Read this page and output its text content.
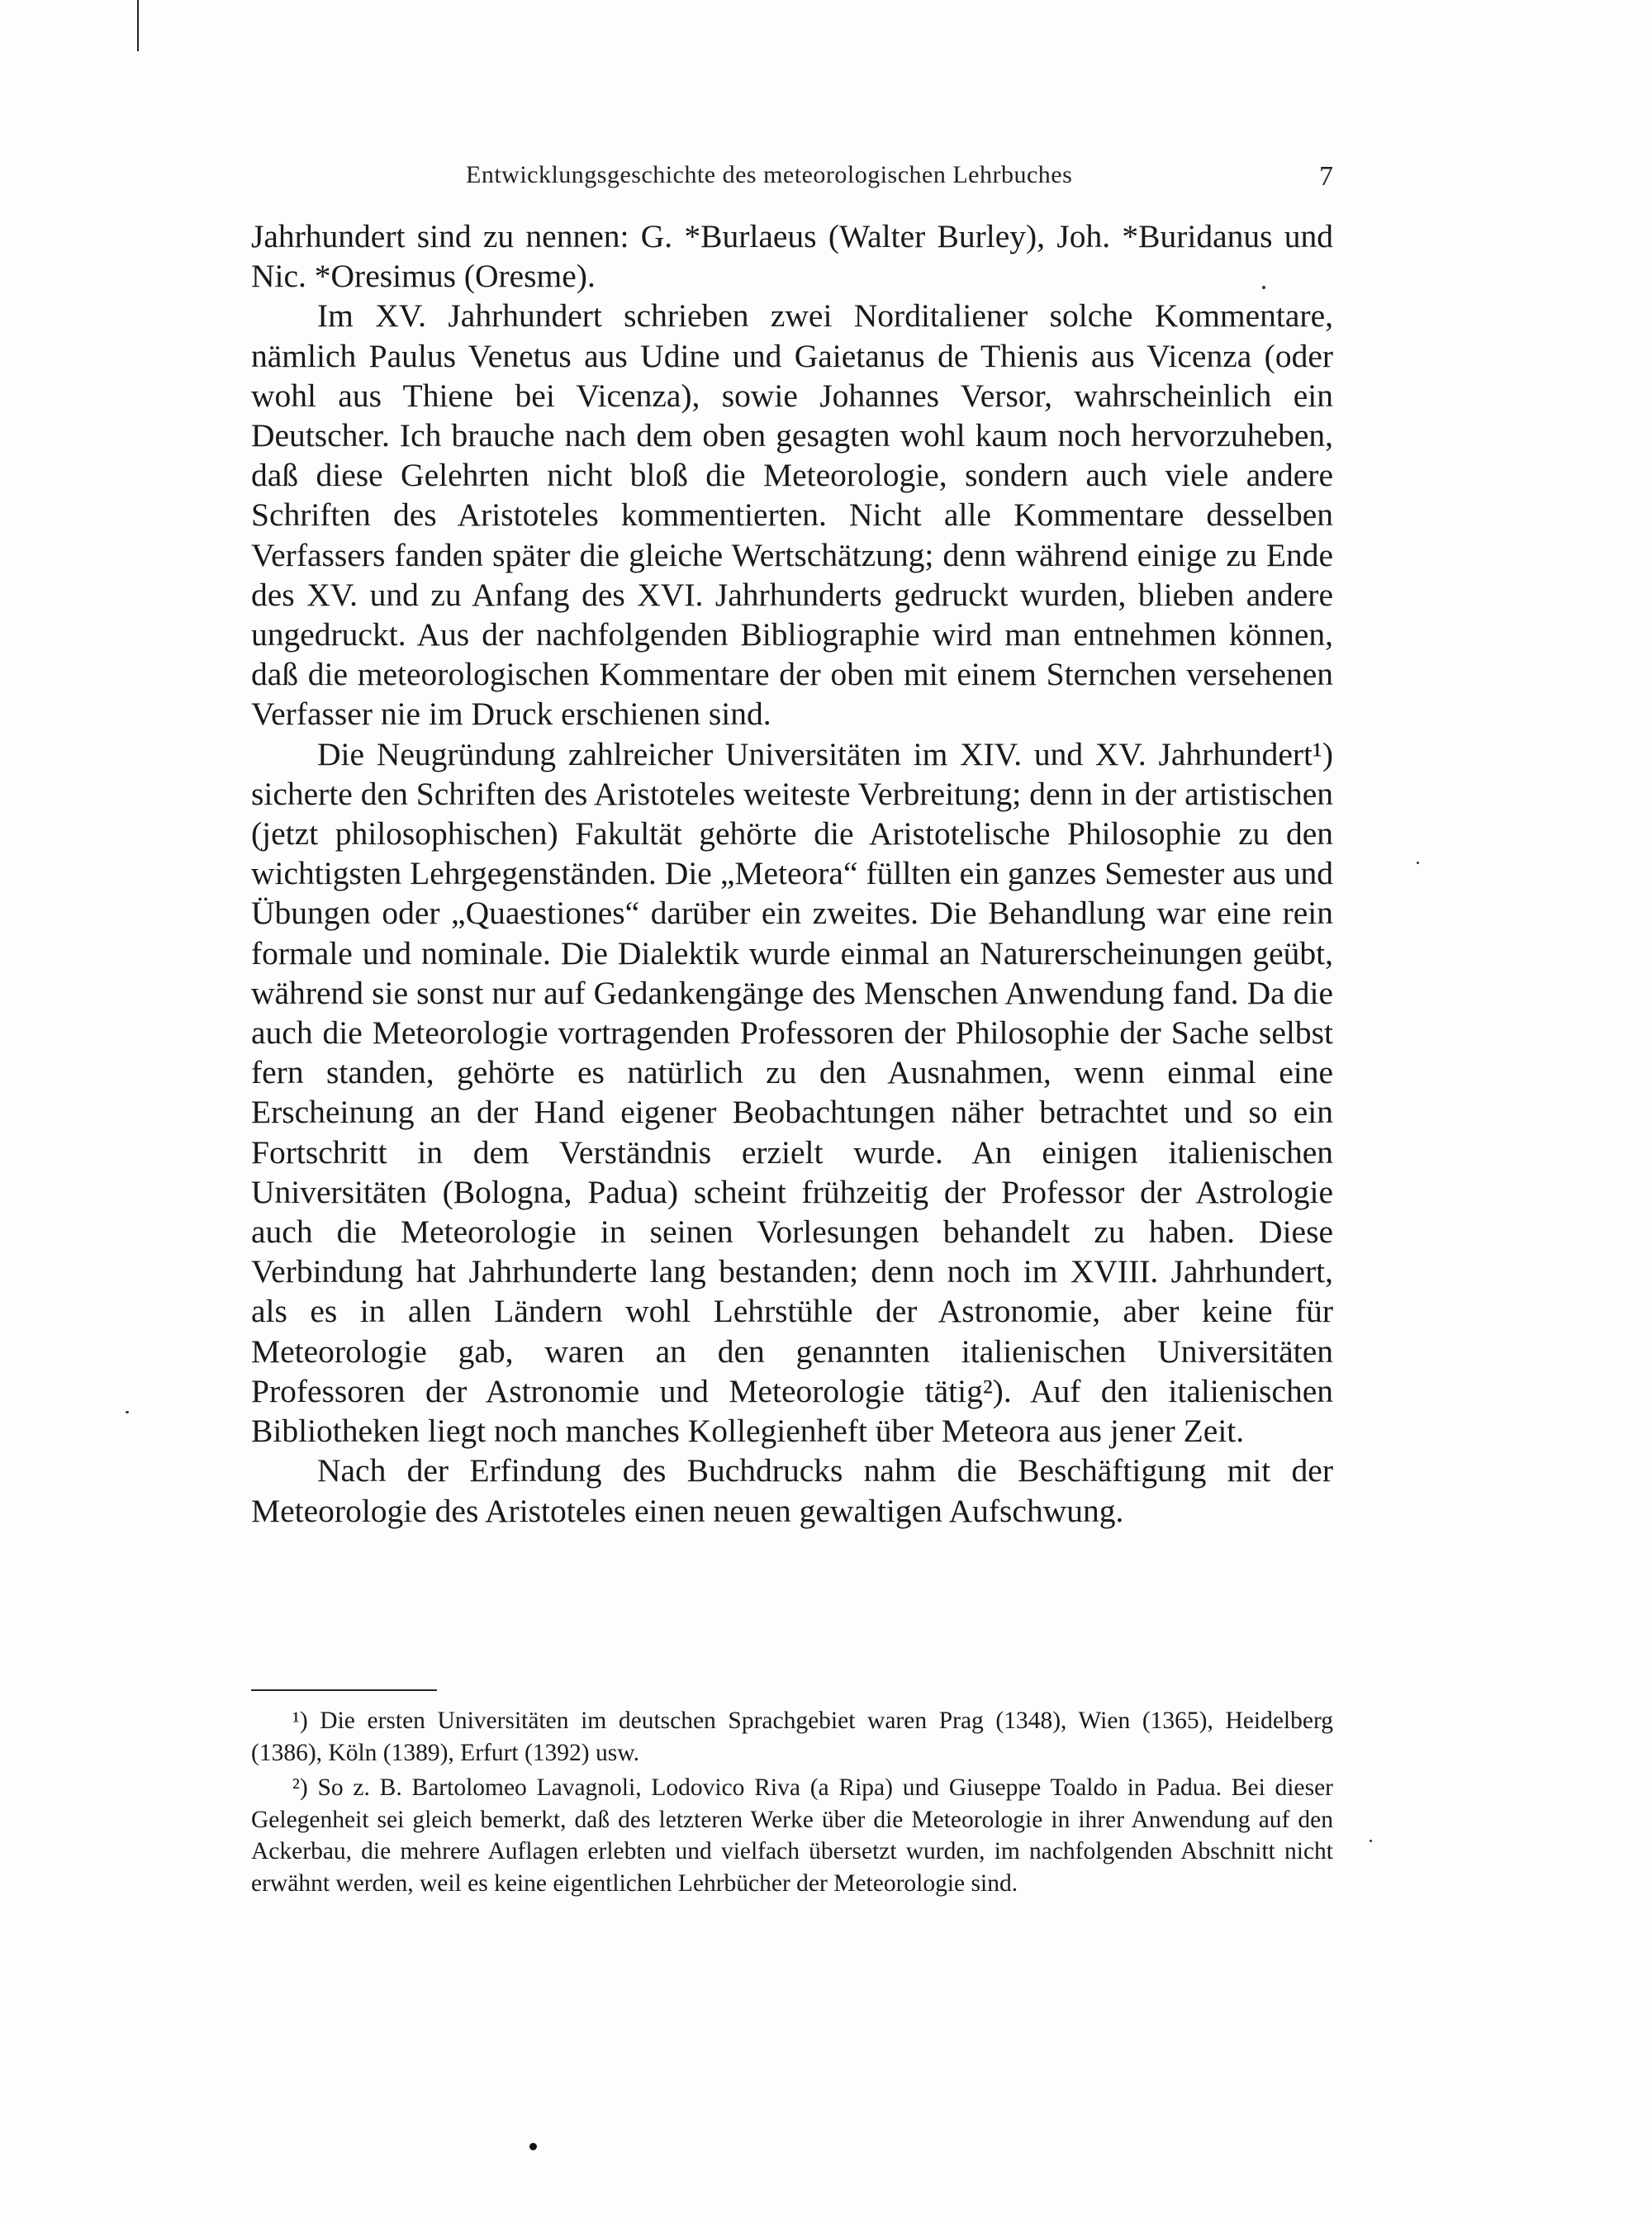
Entwicklungsgeschichte des meteorologischen Lehrbuches	7

Jahrhundert sind zu nennen: G. *Burlaeus (Walter Burley), Joh. *Buridanus und Nic. *Oresimus (Oresme).

Im XV. Jahrhundert schrieben zwei Norditaliener solche Kommentare, nämlich Paulus Venetus aus Udine und Gaietanus de Thienis aus Vicenza (oder wohl aus Thiene bei Vicenza), sowie Johannes Versor, wahrscheinlich ein Deutscher. Ich brauche nach dem oben gesagten wohl kaum noch hervorzuheben, daß diese Gelehrten nicht bloß die Meteorologie, sondern auch viele andere Schriften des Aristoteles kommentierten. Nicht alle Kommentare desselben Verfassers fanden später die gleiche Wertschätzung; denn während einige zu Ende des XV. und zu Anfang des XVI. Jahrhunderts gedruckt wurden, blieben andere ungedruckt. Aus der nachfolgenden Bibliographie wird man entnehmen können, daß die meteorologischen Kommentare der oben mit einem Sternchen versehenen Verfasser nie im Druck erschienen sind.

Die Neugründung zahlreicher Universitäten im XIV. und XV. Jahrhundert¹) sicherte den Schriften des Aristoteles weiteste Verbreitung; denn in der artistischen (jetzt philosophischen) Fakultät gehörte die Aristotelische Philosophie zu den wichtigsten Lehrgegenständen. Die „Meteora“ füllten ein ganzes Semester aus und Übungen oder „Quaestiones“ darüber ein zweites. Die Behandlung war eine rein formale und nominale. Die Dialektik wurde einmal an Naturerscheinungen geübt, während sie sonst nur auf Gedankengänge des Menschen Anwendung fand. Da die auch die Meteorologie vortragenden Professoren der Philosophie der Sache selbst fern standen, gehörte es natürlich zu den Ausnahmen, wenn einmal eine Erscheinung an der Hand eigener Beobachtungen näher betrachtet und so ein Fortschritt in dem Verständnis erzielt wurde. An einigen italienischen Universitäten (Bologna, Padua) scheint frühzeitig der Professor der Astrologie auch die Meteorologie in seinen Vorlesungen behandelt zu haben. Diese Verbindung hat Jahrhunderte lang bestanden; denn noch im XVIII. Jahrhundert, als es in allen Ländern wohl Lehrstühle der Astronomie, aber keine für Meteorologie gab, waren an den genannten italienischen Universitäten Professoren der Astronomie und Meteorologie tätig²). Auf den italienischen Bibliotheken liegt noch manches Kollegienheft über Meteora aus jener Zeit.

Nach der Erfindung des Buchdrucks nahm die Beschäftigung mit der Meteorologie des Aristoteles einen neuen gewaltigen Aufschwung.

¹) Die ersten Universitäten im deutschen Sprachgebiet waren Prag (1348), Wien (1365), Heidelberg (1386), Köln (1389), Erfurt (1392) usw.

²) So z. B. Bartolomeo Lavagnoli, Lodovico Riva (a Ripa) und Giuseppe Toaldo in Padua. Bei dieser Gelegenheit sei gleich bemerkt, daß des letzteren Werke über die Meteorologie in ihrer Anwendung auf den Ackerbau, die mehrere Auflagen erlebten und vielfach übersetzt wurden, im nachfolgenden Abschnitt nicht erwähnt werden, weil es keine eigentlichen Lehrbücher der Meteorologie sind.
